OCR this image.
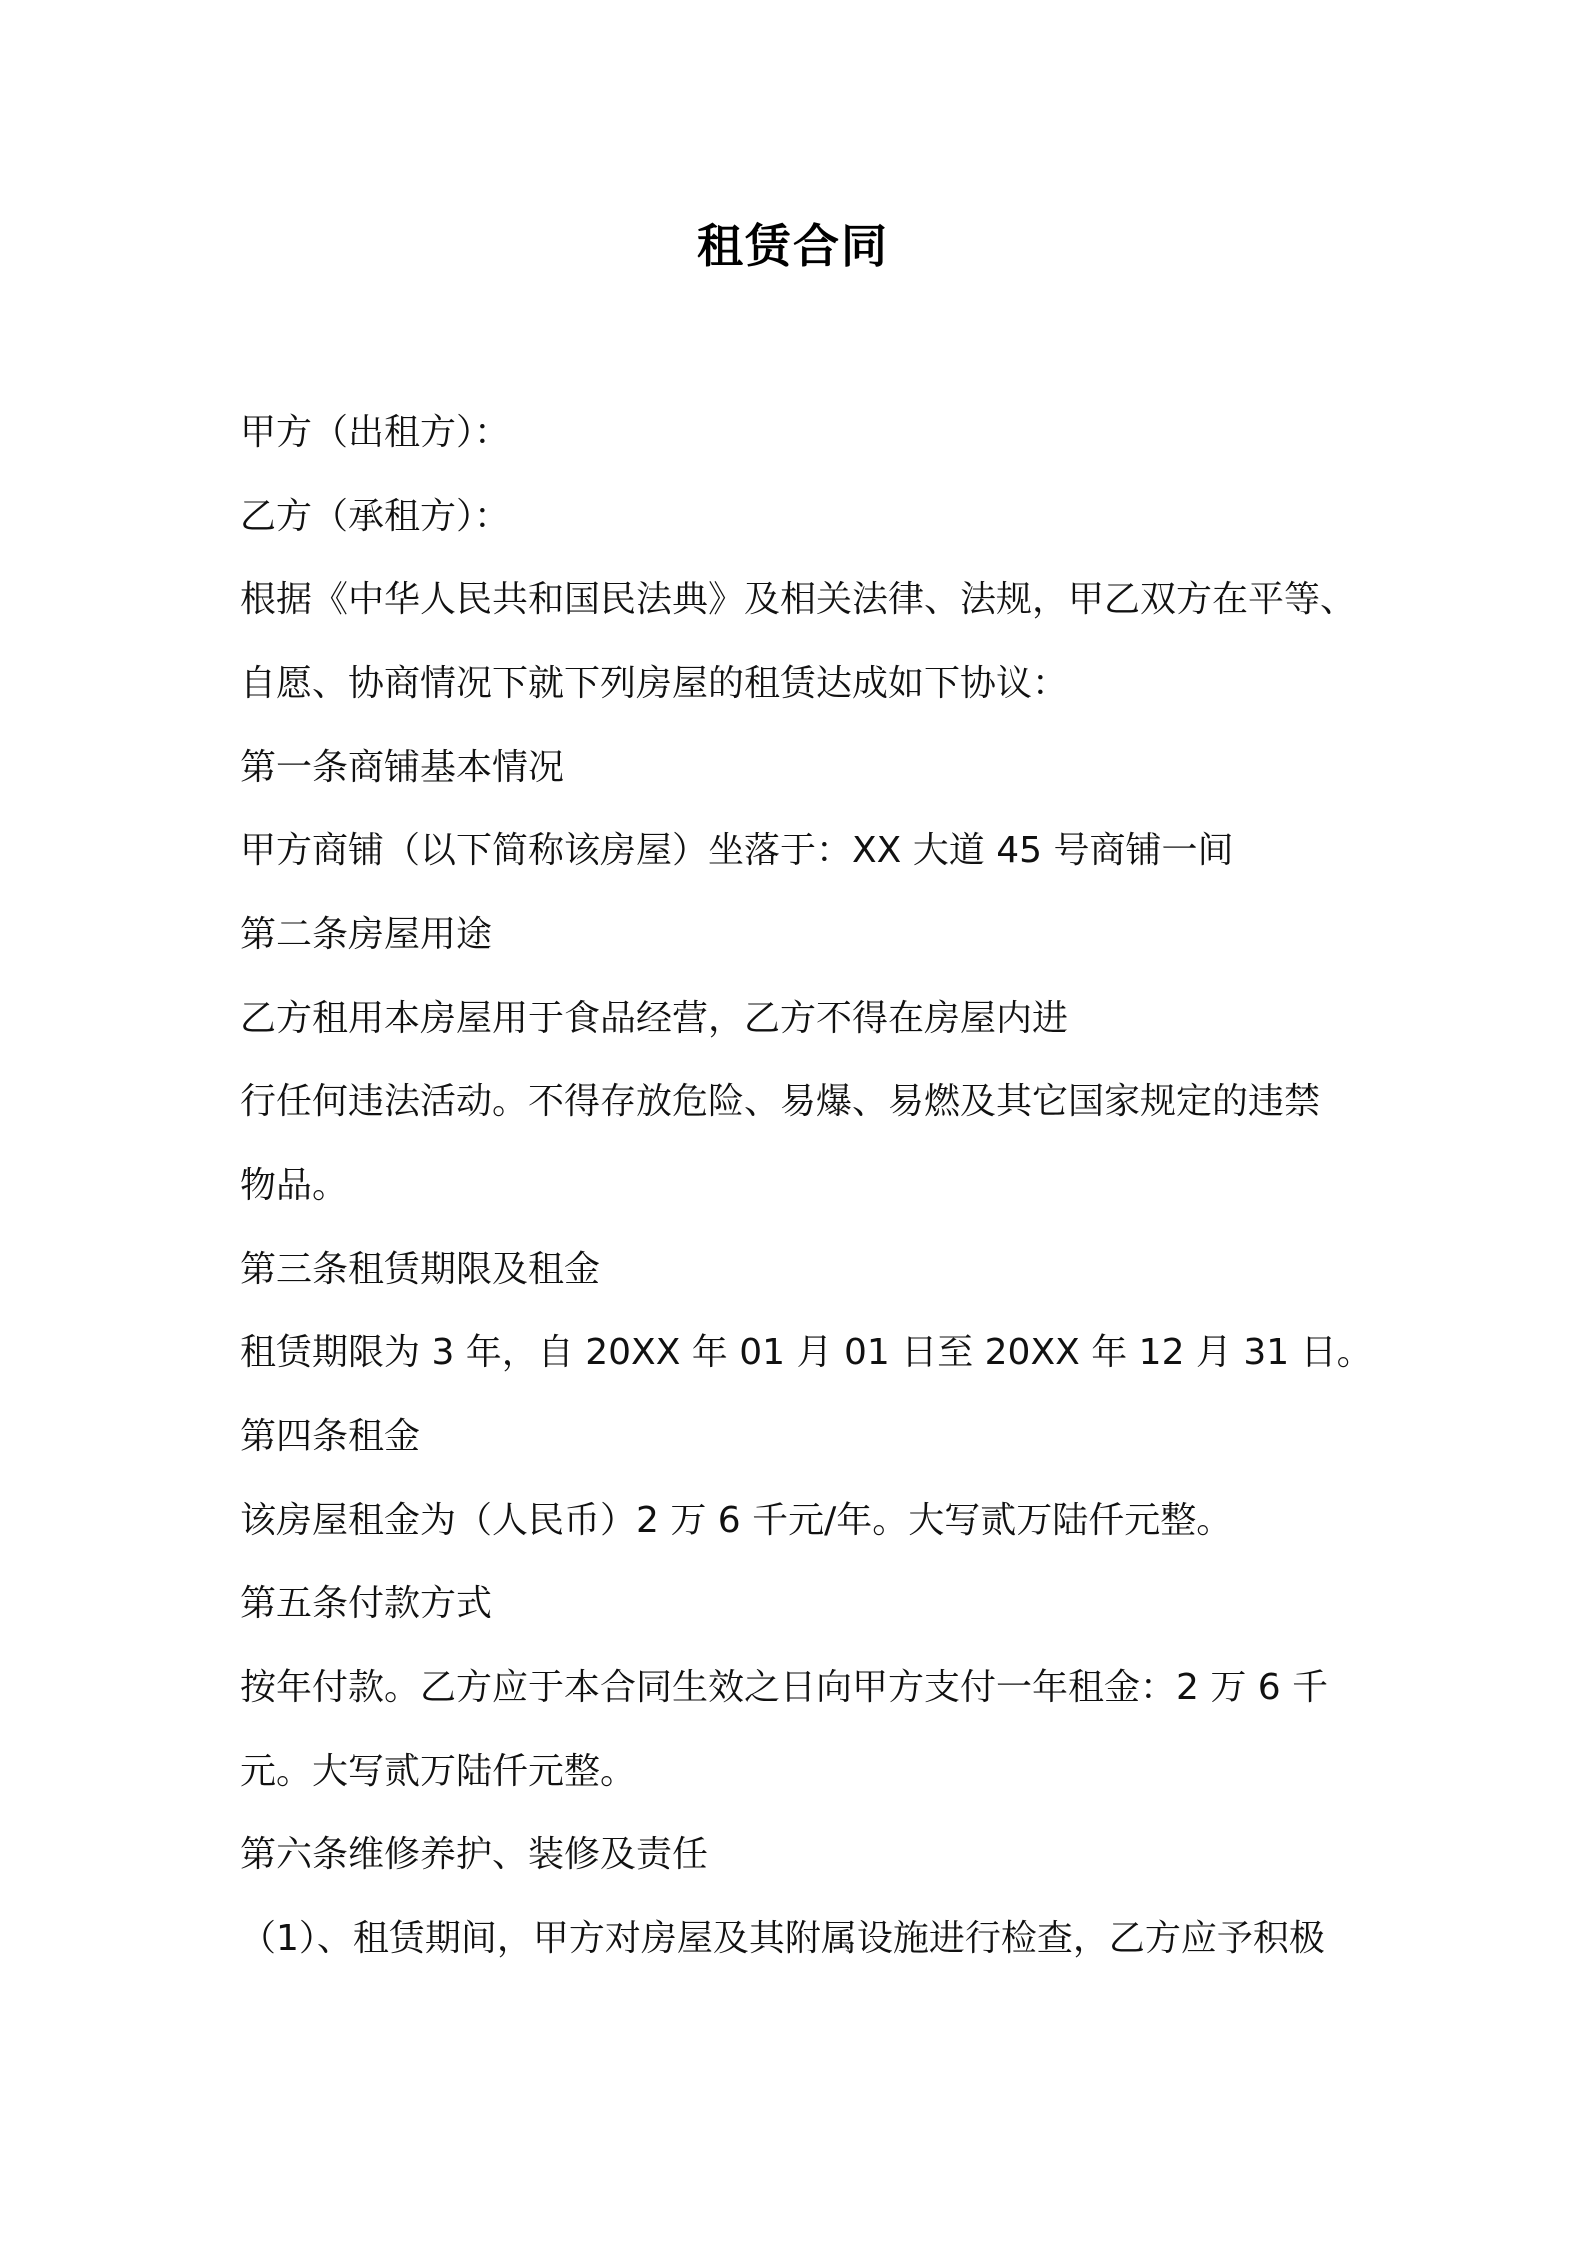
租赁合同
甲方（出租方）：
乙方（承租方）：
根据《中华人民共和国民法典》及相关法律、法规，甲乙双方在平等、
自愿、协商情况下就下列房屋的租赁达成如下协议：
第一条商铺基本情况
甲方商铺（以下简称该房屋）坐落于：XX 大道 45 号商铺一间
第二条房屋用途
乙方租用本房屋用于食品经营，乙方不得在房屋内进
行任何违法活动。不得存放危险、易爆、易燃及其它国家规定的违禁
物品。
第三条租赁期限及租金
租赁期限为 3 年，自 20XX 年 01 月 01 日至 20XX 年 12 月 31 日。
第四条租金
该房屋租金为（人民币）2 万 6 千元/年。大写贰万陆仟元整。
第五条付款方式
按年付款。乙方应于本合同生效之日向甲方支付一年租金：2 万 6 千
元。大写贰万陆仟元整。
第六条维修养护、装修及责任
（1）、租赁期间，甲方对房屋及其附属设施进行检查，乙方应予积极
